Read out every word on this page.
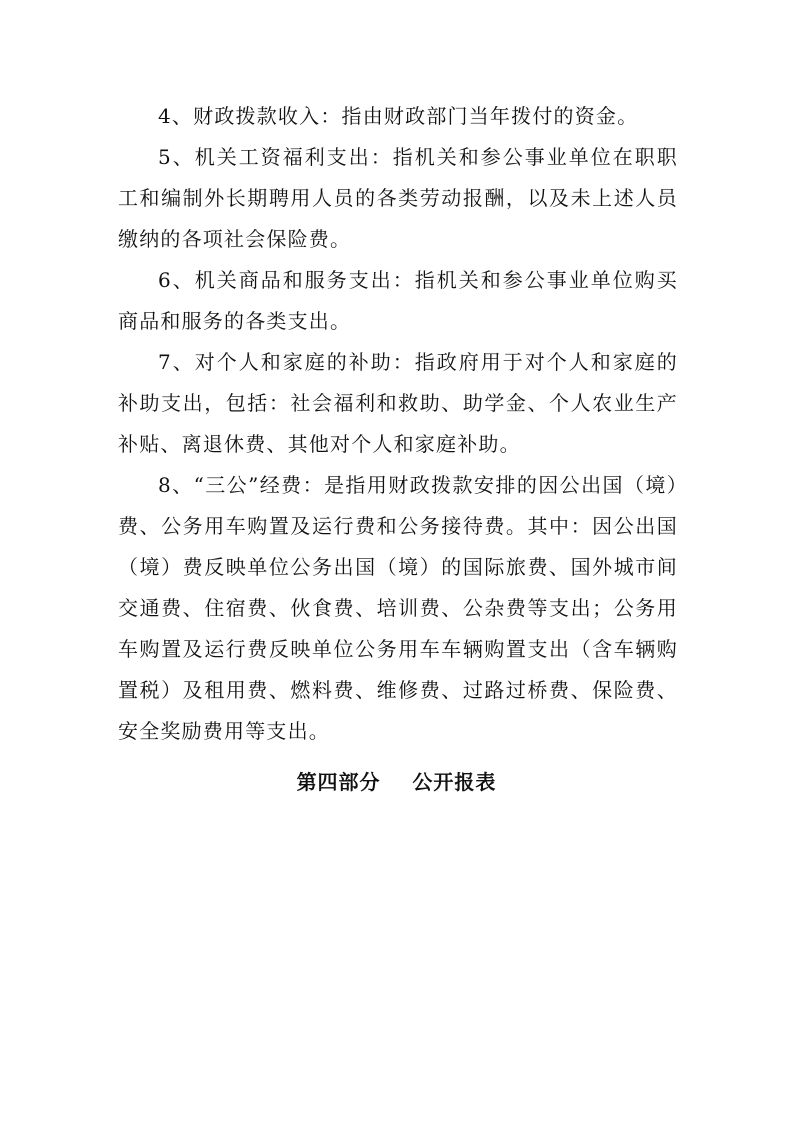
4、财政拨款收入：指由财政部门当年拨付的资金。

5、机关工资福利支出：指机关和参公事业单位在职职工和编制外长期聘用人员的各类劳动报酬，以及未上述人员缴纳的各项社会保险费。

6、机关商品和服务支出：指机关和参公事业单位购买商品和服务的各类支出。

7、对个人和家庭的补助：指政府用于对个人和家庭的补助支出，包括：社会福利和救助、助学金、个人农业生产补贴、离退休费、其他对个人和家庭补助。

8、“三公”经费：是指用财政拨款安排的因公出国（境）费、公务用车购置及运行费和公务接待费。其中：因公出国（境）费反映单位公务出国（境）的国际旅费、国外城市间交通费、住宿费、伙食费、培训费、公杂费等支出；公务用车购置及运行费反映单位公务用车车辆购置支出（含车辆购置税）及租用费、燃料费、维修费、过路过桥费、保险费、安全奖励费用等支出。

第四部分    公开报表
